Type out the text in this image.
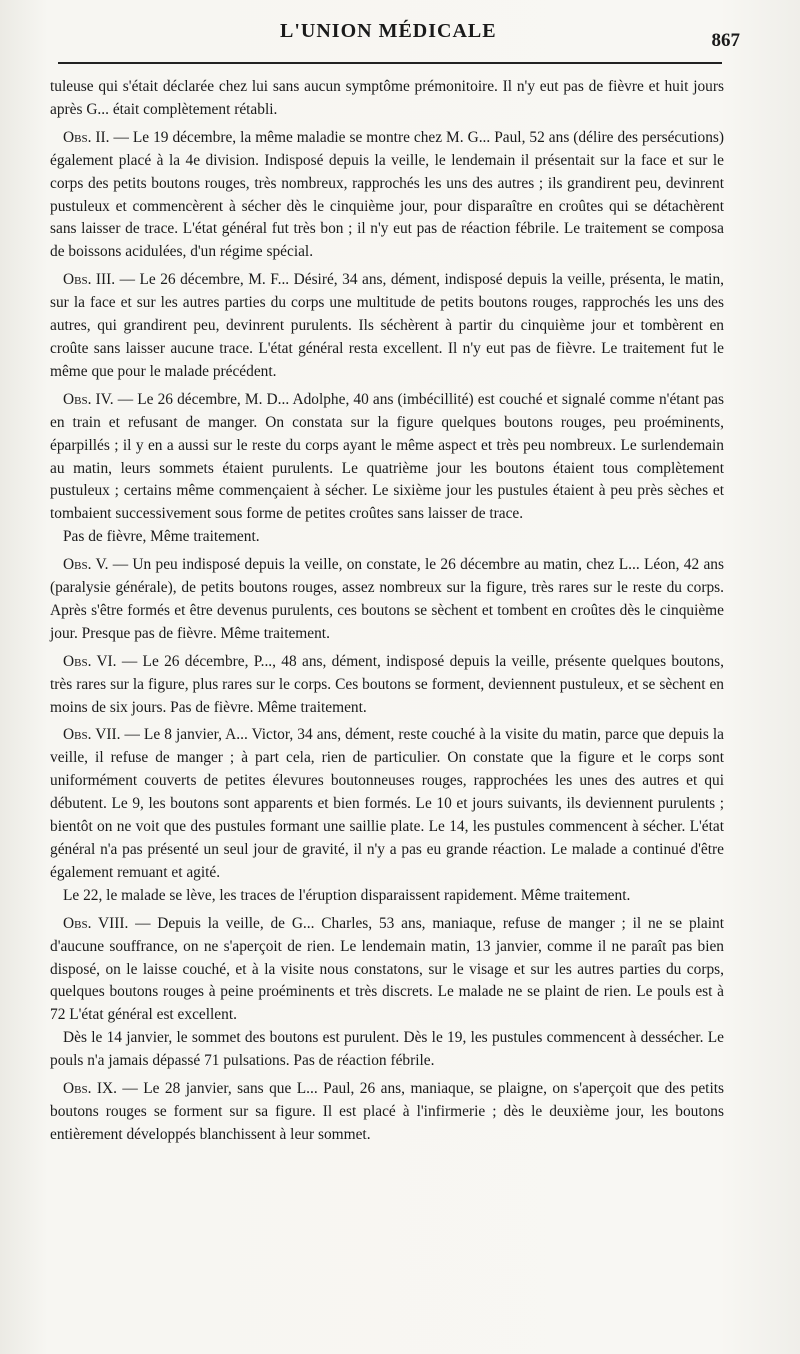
L'UNION MÉDICALE	867

tuleuse qui s'était déclarée chez lui sans aucun symptôme prémonitoire. Il n'y eut pas de fièvre et huit jours après G... était complètement rétabli.

Obs. II. — Le 19 décembre, la même maladie se montre chez M. G... Paul, 52 ans (délire des persécutions) également placé à la 4e division. Indisposé depuis la veille, le lendemain il présentait sur la face et sur le corps des petits boutons rouges, très nombreux, rapprochés les uns des autres ; ils grandirent peu, devinrent pustuleux et commencèrent à sécher dès le cinquième jour, pour disparaître en croûtes qui se détachèrent sans laisser de trace. L'état général fut très bon ; il n'y eut pas de réaction fébrile. Le traitement se composa de boissons acidulées, d'un régime spécial.

Obs. III. — Le 26 décembre, M. F... Désiré, 34 ans, dément, indisposé depuis la veille, présenta, le matin, sur la face et sur les autres parties du corps une multitude de petits boutons rouges, rapprochés les uns des autres, qui grandirent peu, devinrent purulents. Ils séchèrent à partir du cinquième jour et tombèrent en croûte sans laisser aucune trace. L'état général resta excellent. Il n'y eut pas de fièvre. Le traitement fut le même que pour le malade précédent.

Obs. IV. — Le 26 décembre, M. D... Adolphe, 40 ans (imbécillité) est couché et signalé comme n'étant pas en train et refusant de manger. On constata sur la figure quelques boutons rouges, peu proéminents, éparpillés ; il y en a aussi sur le reste du corps ayant le même aspect et très peu nombreux. Le surlendemain au matin, leurs sommets étaient purulents. Le quatrième jour les boutons étaient tous complètement pustuleux ; certains même commençaient à sécher. Le sixième jour les pustules étaient à peu près sèches et tombaient successivement sous forme de petites croûtes sans laisser de trace.

Pas de fièvre, Même traitement.

Obs. V. — Un peu indisposé depuis la veille, on constate, le 26 décembre au matin, chez L... Léon, 42 ans (paralysie générale), de petits boutons rouges, assez nombreux sur la figure, très rares sur le reste du corps. Après s'être formés et être devenus purulents, ces boutons se sèchent et tombent en croûtes dès le cinquième jour. Presque pas de fièvre. Même traitement.

Obs. VI. — Le 26 décembre, P..., 48 ans, dément, indisposé depuis la veille, présente quelques boutons, très rares sur la figure, plus rares sur le corps. Ces boutons se forment, deviennent pustuleux, et se sèchent en moins de six jours. Pas de fièvre. Même traitement.

Obs. VII. — Le 8 janvier, A... Victor, 34 ans, dément, reste couché à la visite du matin, parce que depuis la veille, il refuse de manger ; à part cela, rien de particulier. On constate que la figure et le corps sont uniformément couverts de petites élevures boutonneuses rouges, rapprochées les unes des autres et qui débutent. Le 9, les boutons sont apparents et bien formés. Le 10 et jours suivants, ils deviennent purulents ; bientôt on ne voit que des pustules formant une saillie plate. Le 14, les pustules commencent à sécher. L'état général n'a pas présenté un seul jour de gravité, il n'y a pas eu grande réaction. Le malade a continué d'être également remuant et agité.

Le 22, le malade se lève, les traces de l'éruption disparaissent rapidement. Même traitement.

Obs. VIII. — Depuis la veille, de G... Charles, 53 ans, maniaque, refuse de manger ; il ne se plaint d'aucune souffrance, on ne s'aperçoit de rien. Le lendemain matin, 13 janvier, comme il ne paraît pas bien disposé, on le laisse couché, et à la visite nous constatons, sur le visage et sur les autres parties du corps, quelques boutons rouges à peine proéminents et très discrets. Le malade ne se plaint de rien. Le pouls est à 72 L'état général est excellent.

Dès le 14 janvier, le sommet des boutons est purulent. Dès le 19, les pustules commencent à dessécher. Le pouls n'a jamais dépassé 71 pulsations. Pas de réaction fébrile.

Obs. IX. — Le 28 janvier, sans que L... Paul, 26 ans, maniaque, se plaigne, on s'aperçoit que des petits boutons rouges se forment sur sa figure. Il est placé à l'infirmerie ; dès le deuxième jour, les boutons entièrement développés blanchissent à leur sommet.
